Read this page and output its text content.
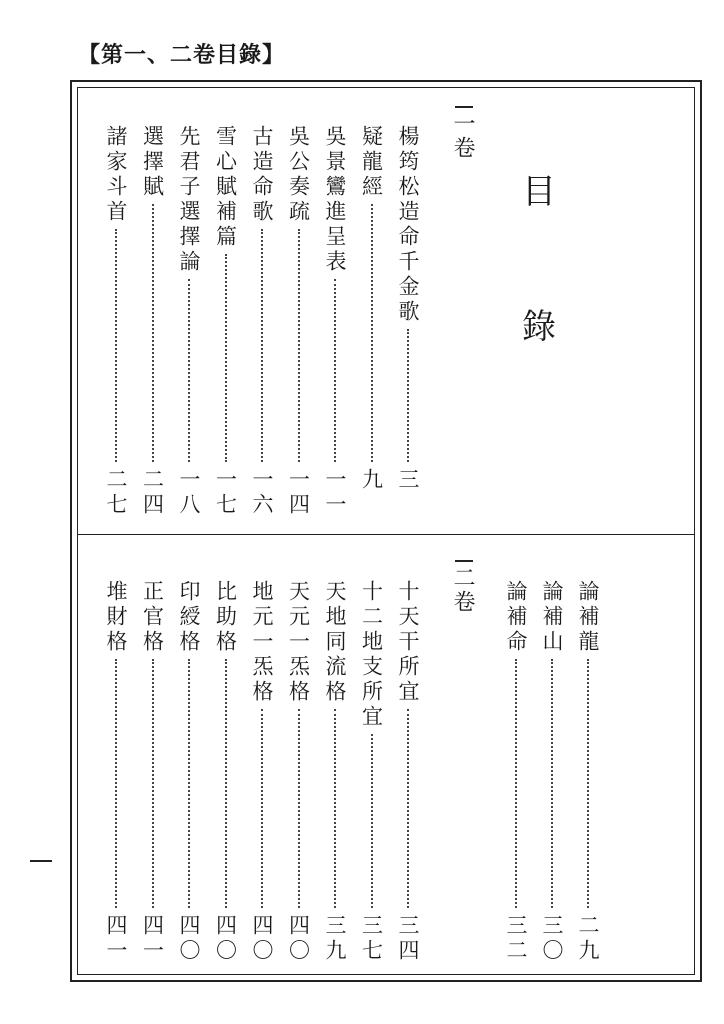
【第一、二卷目錄】
目
錄
一卷
楊筠松造命千金歌
三
疑龍經
九
吳景鸞進呈表
一一
吳公奏疏
一四
古造命歌
一六
雪心賦補篇
一七
先君子選擇論
一八
選擇賦
二四
諸家斗首
二七
二卷
十天干所宜
三四
十二地支所宜
三七
天地同流格
三九
天元一炁格
四〇
地元一炁格
四〇
比助格
四〇
印綬格
四〇
正官格
四一
堆財格
四一
論補龍
二九
論補山
三〇
論補命
三二
